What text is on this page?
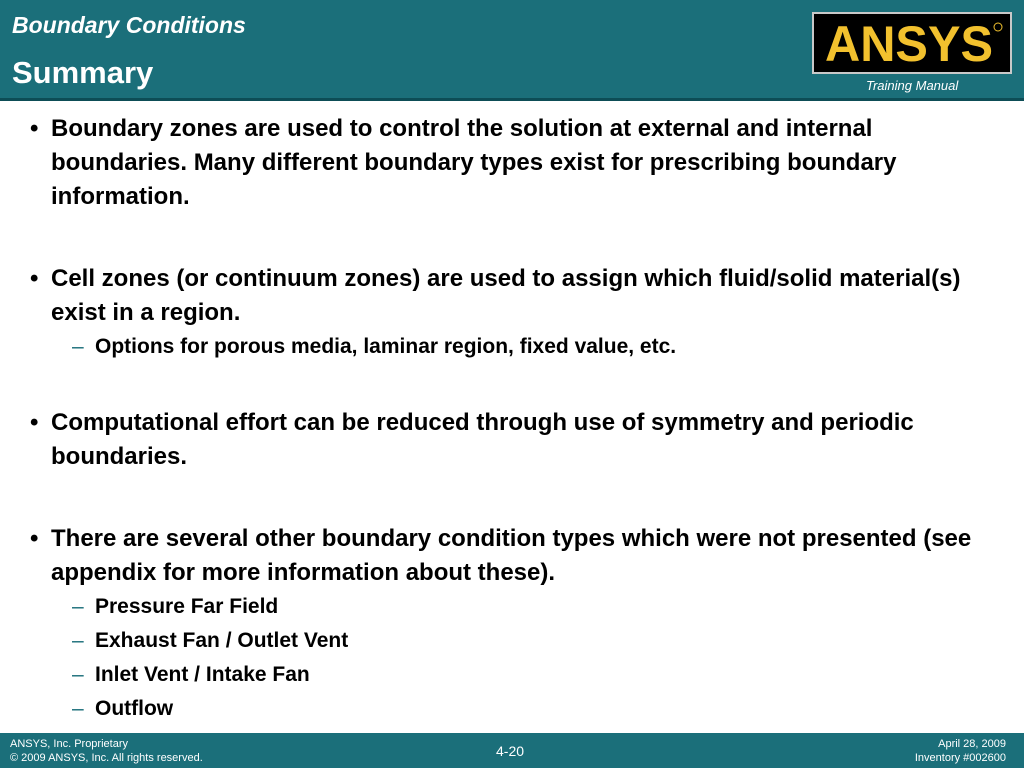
Boundary Conditions
Summary
ANSYS
Training Manual
• Boundary zones are used to control the solution at external and internal boundaries. Many different boundary types exist for prescribing boundary information.
• Cell zones (or continuum zones) are used to assign which fluid/solid material(s) exist in a region.
– Options for porous media, laminar region, fixed value, etc.
• Computational effort can be reduced through use of symmetry and periodic boundaries.
• There are several other boundary condition types which were not presented (see appendix for more information about these).
– Pressure Far Field
– Exhaust Fan / Outlet Vent
– Inlet Vent / Intake Fan
– Outflow
ANSYS, Inc. Proprietary
© 2009 ANSYS, Inc. All rights reserved.	4-20	April 28, 2009
Inventory #002600
